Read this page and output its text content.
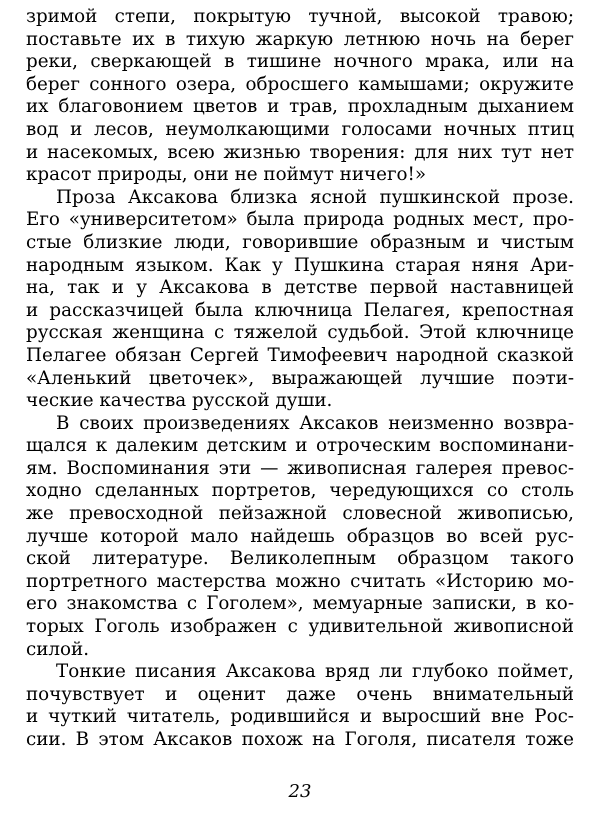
зримой степи, покрытую тучной, высокой травою;
поставьте их в тихую жаркую летнюю ночь на берег
реки, сверкающей в тишине ночного мрака, или на
берег сонного озера, обросшего камышами; окружите
их благовонием цветов и трав, прохладным дыханием
вод и лесов, неумолкающими голосами ночных птиц
и насекомых, всею жизнью творения: для них тут нет
красот природы, они не поймут ничего!»
Проза Аксакова близка ясной пушкинской прозе.
Его «университетом» была природа родных мест, про-
стые близкие люди, говорившие образным и чистым
народным языком. Как у Пушкина старая няня Ари-
на, так и у Аксакова в детстве первой наставницей
и рассказчицей была ключница Пелагея, крепостная
русская женщина с тяжелой судьбой. Этой ключнице
Пелагее обязан Сергей Тимофеевич народной сказкой
«Аленький цветочек», выражающей лучшие поэти-
ческие качества русской души.
В своих произведениях Аксаков неизменно возвра-
щался к далеким детским и отроческим воспоминани-
ям. Воспоминания эти — живописная галерея превос-
ходно сделанных портретов, чередующихся со столь
же превосходной пейзажной словесной живописью,
лучше которой мало найдешь образцов во всей рус-
ской литературе. Великолепным образцом такого
портретного мастерства можно считать «Историю мо-
его знакомства с Гоголем», мемуарные записки, в ко-
торых Гоголь изображен с удивительной живописной
силой.
Тонкие писания Аксакова вряд ли глубоко поймет,
почувствует и оценит даже очень внимательный
и чуткий читатель, родившийся и выросший вне Рос-
сии. В этом Аксаков похож на Гоголя, писателя тоже
23
